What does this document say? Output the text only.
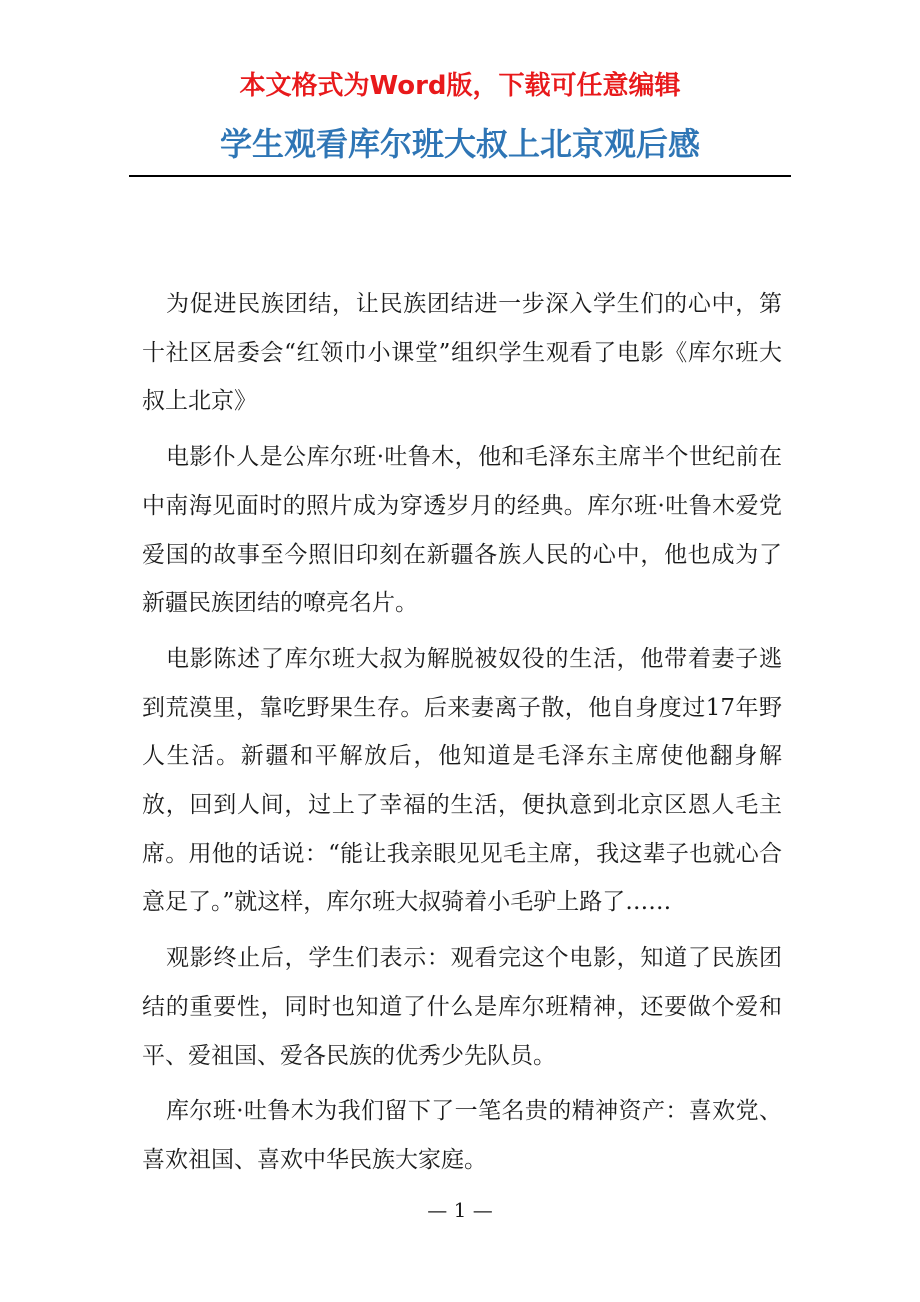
本文格式为Word版，下载可任意编辑
学生观看库尔班大叔上北京观后感

为促进民族团结，让民族团结进一步深入学生们的心中，第十社区居委会“红领巾小课堂”组织学生观看了电影《库尔班大叔上北京》

电影仆人是公库尔班·吐鲁木，他和毛泽东主席半个世纪前在中南海见面时的照片成为穿透岁月的经典。库尔班·吐鲁木爱党爱国的故事至今照旧印刻在新疆各族人民的心中，他也成为了新疆民族团结的嘹亮名片。

电影陈述了库尔班大叔为解脱被奴役的生活，他带着妻子逃到荒漠里，靠吃野果生存。后来妻离子散，他自身度过17年野人生活。新疆和平解放后，他知道是毛泽东主席使他翻身解放，回到人间，过上了幸福的生活，便执意到北京区恩人毛主席。用他的话说：“能让我亲眼见见毛主席，我这辈子也就心合意足了。”就这样，库尔班大叔骑着小毛驴上路了……

观影终止后，学生们表示：观看完这个电影，知道了民族团结的重要性，同时也知道了什么是库尔班精神，还要做个爱和平、爱祖国、爱各民族的优秀少先队员。

库尔班·吐鲁木为我们留下了一笔名贵的精神资产：喜欢党、喜欢祖国、喜欢中华民族大家庭。

— 1 —
